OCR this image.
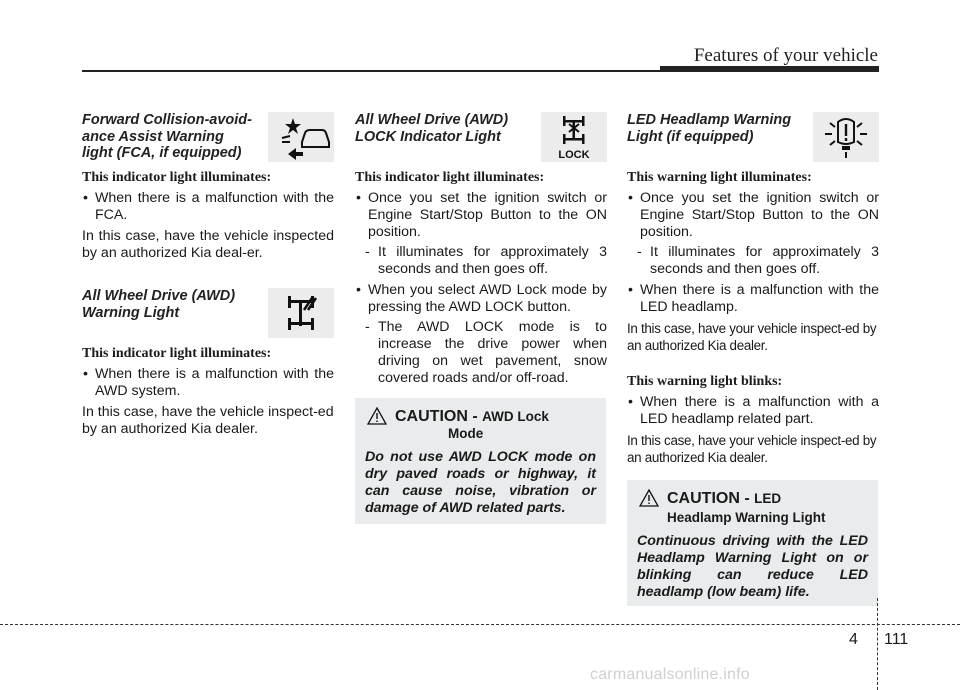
Features of your vehicle
Forward Collision-avoid-
ance Assist Warning
light (FCA, if equipped)
This indicator light illuminates:
• When there is a malfunction with the FCA.
In this case, have the vehicle inspected by an authorized Kia deal-er.
All Wheel Drive (AWD)
Warning Light
This indicator light illuminates:
• When there is a malfunction with the AWD system.
In this case, have the vehicle inspect-ed by an authorized Kia dealer.
All Wheel Drive (AWD)
LOCK Indicator Light
LOCK
This indicator light illuminates:
• Once you set the ignition switch or Engine Start/Stop Button to the ON position.
- It illuminates for approximately 3 seconds and then goes off.
• When you select AWD Lock mode by pressing the AWD LOCK button.
- The AWD LOCK mode is to increase the drive power when driving on wet pavement, snow covered roads and/or off-road.
CAUTION - AWD Lock
Mode
Do not use AWD LOCK mode on dry paved roads or highway, it can cause noise, vibration or damage of AWD related parts.
LED Headlamp Warning
Light (if equipped)
This warning light illuminates:
• Once you set the ignition switch or Engine Start/Stop Button to the ON position.
- It illuminates for approximately 3 seconds and then goes off.
• When there is a malfunction with the LED headlamp.
In this case, have your vehicle inspect-ed by an authorized Kia dealer.
This warning light blinks:
• When there is a malfunction with a LED headlamp related part.
In this case, have your vehicle inspect-ed by an authorized Kia dealer.
CAUTION - LED
Headlamp Warning Light
Continuous driving with the LED Headlamp Warning Light on or blinking can reduce LED headlamp (low beam) life.
4 111
carmanualsonline.info
